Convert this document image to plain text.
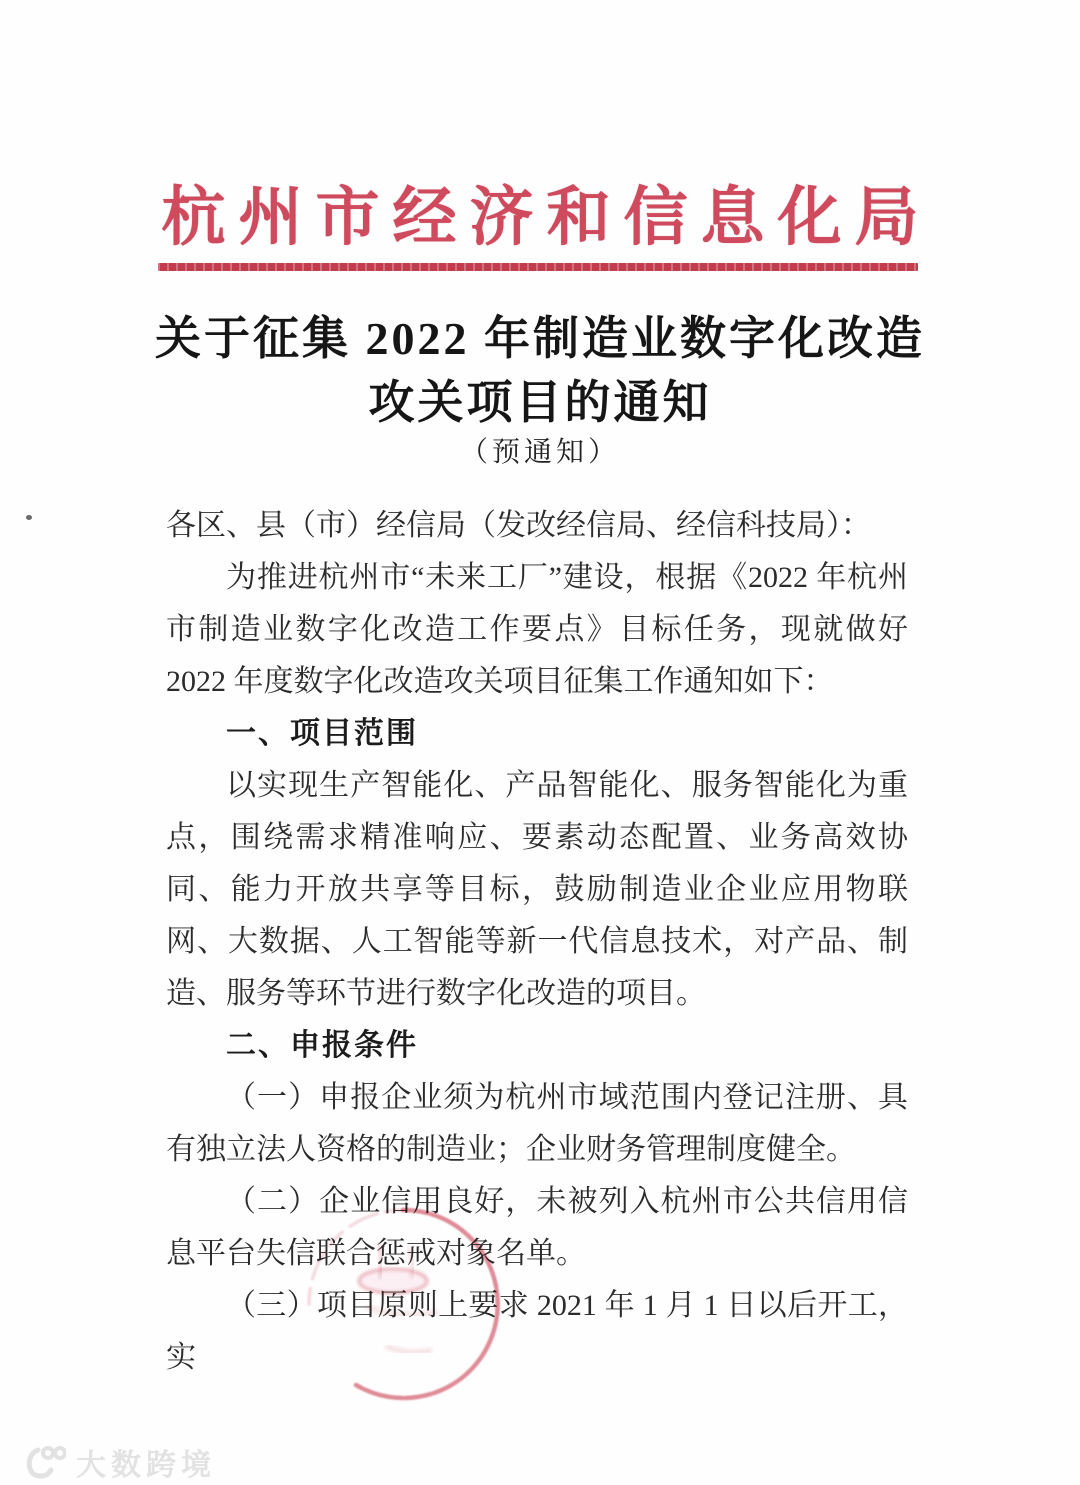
杭州市经济和信息化局
关于征集 2022 年制造业数字化改造
攻关项目的通知
（预通知）

各区、县（市）经信局（发改经信局、经信科技局）：

为推进杭州市“未来工厂”建设，根据《2022 年杭州市制造业数字化改造工作要点》目标任务，现就做好 2022 年度数字化改造攻关项目征集工作通知如下：

一、项目范围

以实现生产智能化、产品智能化、服务智能化为重点，围绕需求精准响应、要素动态配置、业务高效协同、能力开放共享等目标，鼓励制造业企业应用物联网、大数据、人工智能等新一代信息技术，对产品、制造、服务等环节进行数字化改造的项目。

二、申报条件

（一）申报企业须为杭州市域范围内登记注册、具有独立法人资格的制造业；企业财务管理制度健全。

（二）企业信用良好，未被列入杭州市公共信用信息平台失信联合惩戒对象名单。

（三）项目原则上要求 2021 年 1 月 1 日以后开工，实

大数跨境
